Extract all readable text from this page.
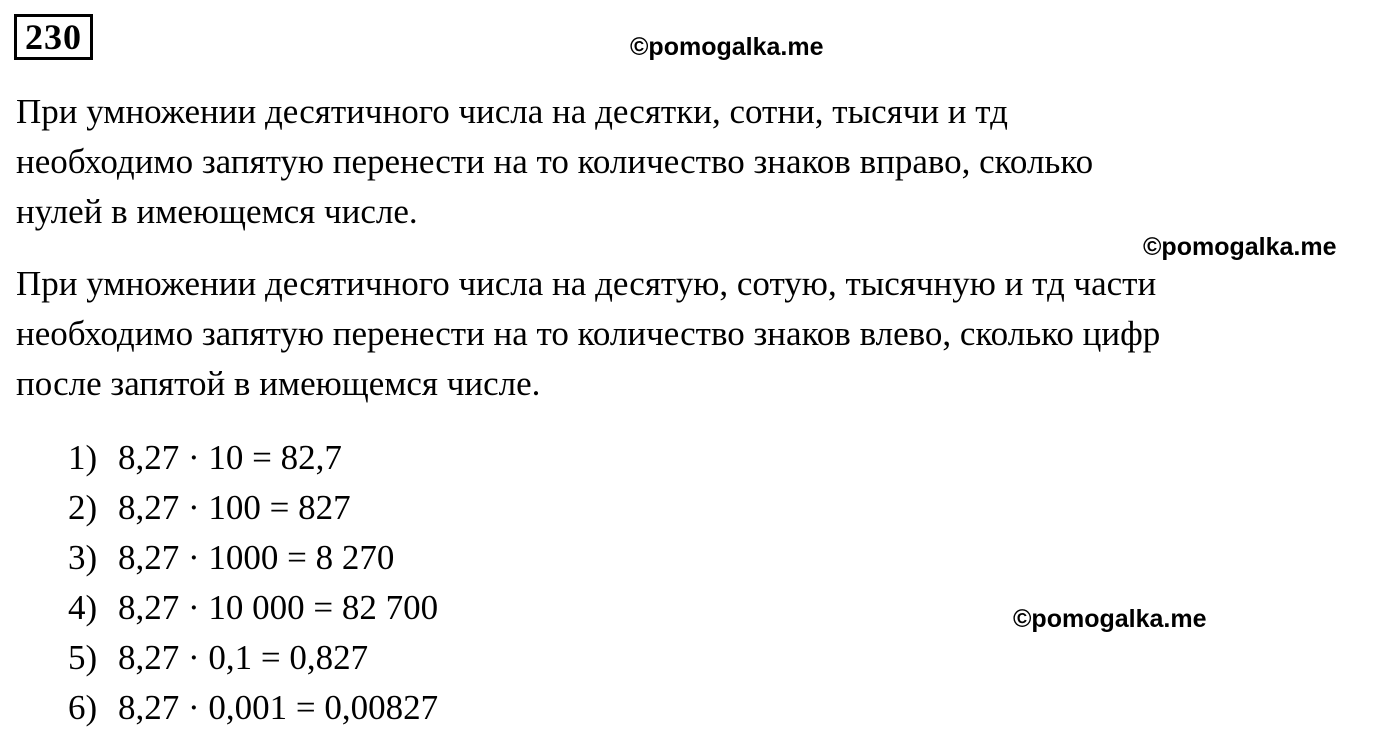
230	©pomogalka.me
©pomogalka.me
©pomogalka.me
При умножении десятичного числа на десятки, сотни, тысячи и тд
необходимо запятую перенести на то количество знаков вправо, сколько
нулей в имеющемся числе.
При умножении десятичного числа на десятую, сотую, тысячную и тд части
необходимо запятую перенести на то количество знаков влево, сколько цифр
после запятой в имеющемся числе.
1) 8,27 · 10 = 82,7
2) 8,27 · 100 = 827
3) 8,27 · 1000 = 8 270
4) 8,27 · 10 000 = 82 700
5) 8,27 · 0,1 = 0,827
6) 8,27 · 0,001 = 0,00827
